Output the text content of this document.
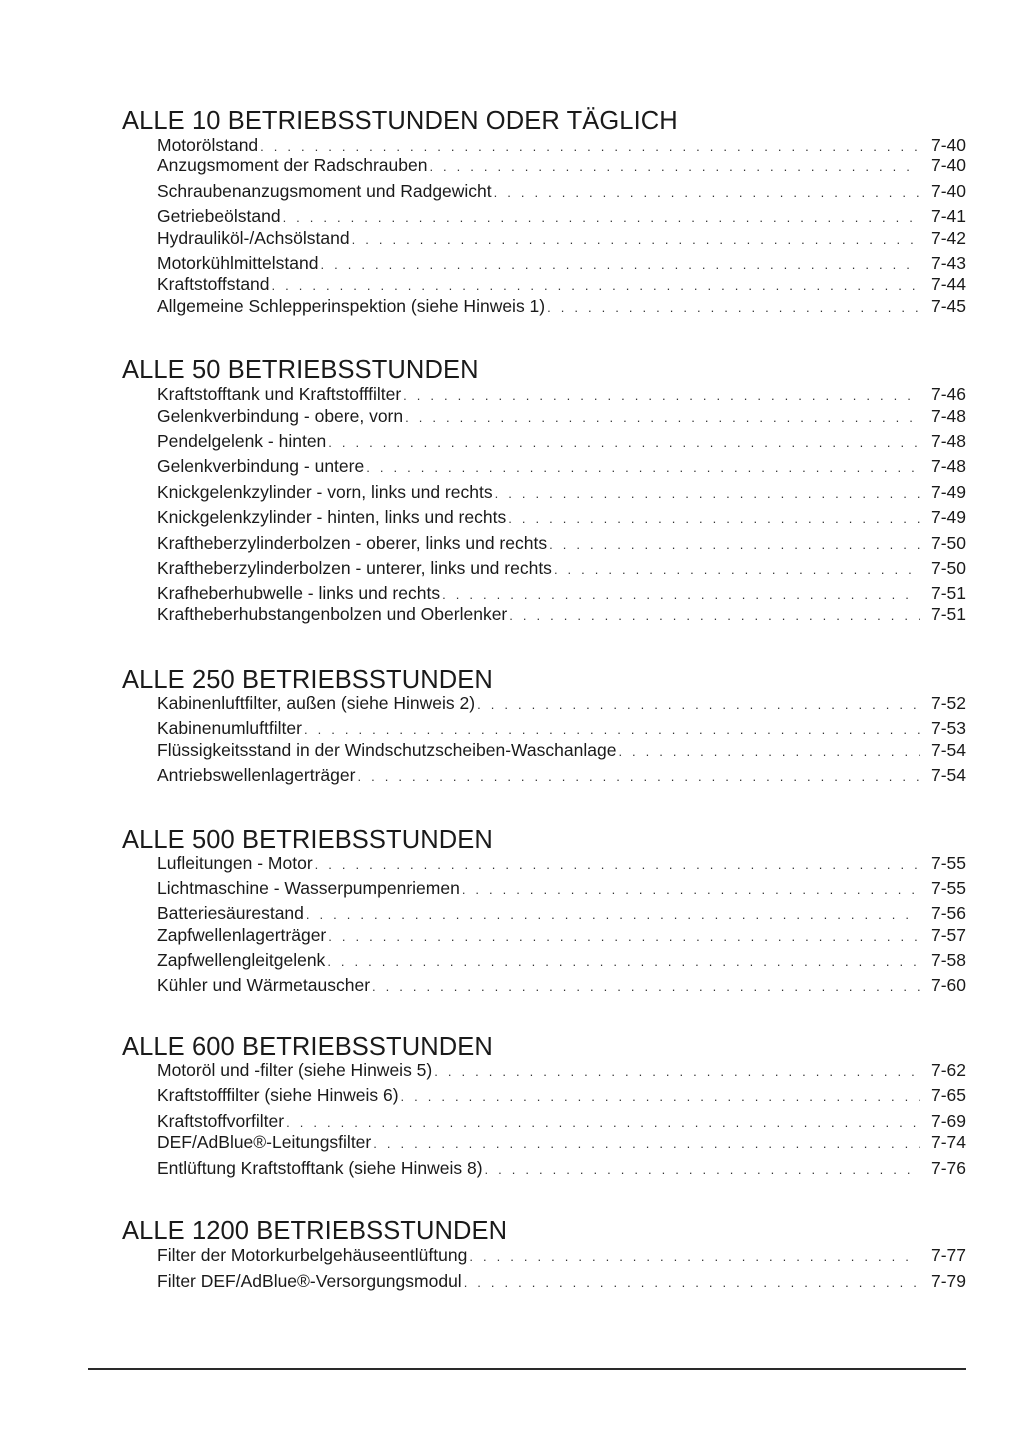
ALLE 10 BETRIEBSSTUNDEN ODER TÄGLICH
Motorölstand . . .	7-40
Anzugsmoment der Radschrauben . . .	7-40
Schraubenanzugsmoment und Radgewicht . . .	7-40
Getriebeölstand . . .	7-41
Hydrauliköl-/Achsölstand . . .	7-42
Motorkühlmittelstand . . .	7-43
Kraftstoffstand . . .	7-44
Allgemeine Schlepperinspektion (siehe Hinweis 1) . . .	7-45
ALLE 50 BETRIEBSSTUNDEN
Kraftstofftank und Kraftstofffilter . . .	7-46
Gelenkverbindung - obere, vorn . . .	7-48
Pendelgelenk - hinten . . .	7-48
Gelenkverbindung - untere . . .	7-48
Knickgelenkzylinder - vorn, links und rechts . . .	7-49
Knickgelenkzylinder - hinten, links und rechts . . .	7-49
Kraftheberzylinderbolzen - oberer, links und rechts . . .	7-50
Kraftheberzylinderbolzen - unterer, links und rechts . . .	7-50
Krafheberhubwelle - links und rechts . . .	7-51
Kraftheberhubstangenbolzen und Oberlenker . . .	7-51
ALLE 250 BETRIEBSSTUNDEN
Kabinenluftfilter, außen (siehe Hinweis 2) . . .	7-52
Kabinenumluftfilter . . .	7-53
Flüssigkeitsstand in der Windschutzscheiben-Waschanlage . . .	7-54
Antriebswellenlagerträger . . .	7-54
ALLE 500 BETRIEBSSTUNDEN
Lufleitungen - Motor . . .	7-55
Lichtmaschine - Wasserpumpenriemen . . .	7-55
Batteriesäurestand . . .	7-56
Zapfwellenlagerträger . . .	7-57
Zapfwellengleitgelenk . . .	7-58
Kühler und Wärmetauscher . . .	7-60
ALLE 600 BETRIEBSSTUNDEN
Motoröl und -filter (siehe Hinweis 5) . . .	7-62
Kraftstofffilter (siehe Hinweis 6) . . .	7-65
Kraftstoffvorfilter . . .	7-69
DEF/AdBlue®-Leitungsfilter . . .	7-74
Entlüftung Kraftstofftank (siehe Hinweis 8) . . .	7-76
ALLE 1200 BETRIEBSSTUNDEN
Filter der Motorkurbelgehäuseentlüftung . . .	7-77
Filter DEF/AdBlue®-Versorgungsmodul . . .	7-79
